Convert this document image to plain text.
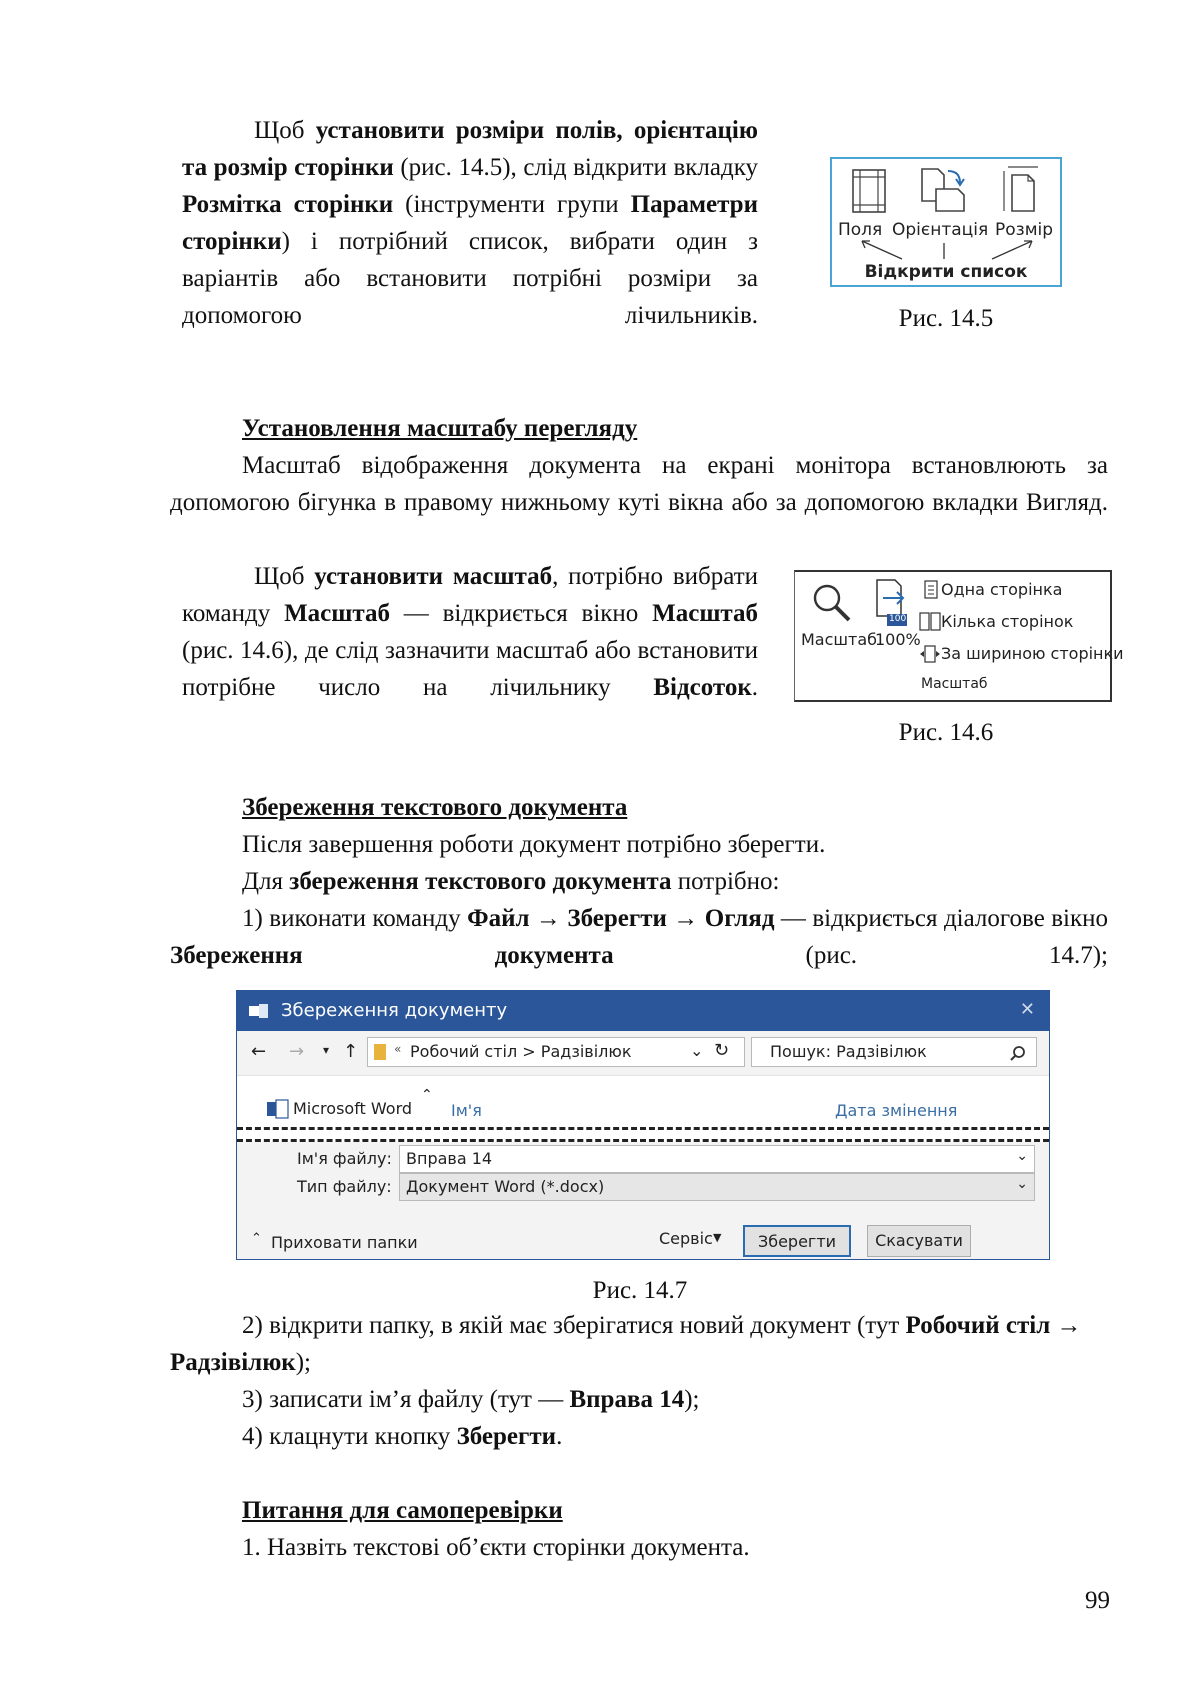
Щоб установити розміри полів, орієнтацію та розмір сторінки (рис. 14.5), слід відкрити вкладку Розмітка сторінки (інструменти групи Параметри сторінки) і потрібний список, вибрати один з варіантів або встановити потрібні розміри за допомогою лічильників.

Поля Орієнтація Розмір
Відкрити список
Рис. 14.5

Установлення масштабу перегляду

Масштаб відображення документа на екрані монітора встановлюють за допомогою бігунка в правому нижньому куті вікна або за допомогою вкладки Вигляд.

Щоб установити масштаб, потрібно вибрати команду Масштаб — відкриється вікно Масштаб (рис. 14.6), де слід зазначити масштаб або встановити потрібне число на лічильнику Відсоток.

100
Масштаб
100%
Одна сторінка
Кілька сторінок
За шириною сторінки
Масштаб
Рис. 14.6

Збереження текстового документа

Після завершення роботи документ потрібно зберегти.

Для збереження текстового документа потрібно:

1) виконати команду Файл → Зберегти → Огляд — відкриється діалогове вікно Збереження документа (рис. 14.7);

Збереження документу	✕
← → ▾ ↑	« Робочий стіл > Радзівілюк	⌄ ↻	Пошук: Радзівілюк
Microsoft Word
⌃
Ім'я	Дата змінення
Ім'я файлу: Вправа 14	⌄
Тип файлу: Документ Word (*.docx)	⌄
⌃ Приховати папки	Сервіс ▼	Зберегти	Скасувати
Рис. 14.7

2) відкрити папку, в якій має зберігатися новий документ (тут Робочий стіл → Радзівілюк);

3) записати ім’я файлу (тут — Вправа 14);

4) клацнути кнопку Зберегти.

Питання для самоперевірки

1. Назвіть текстові об’єкти сторінки документа.

99
